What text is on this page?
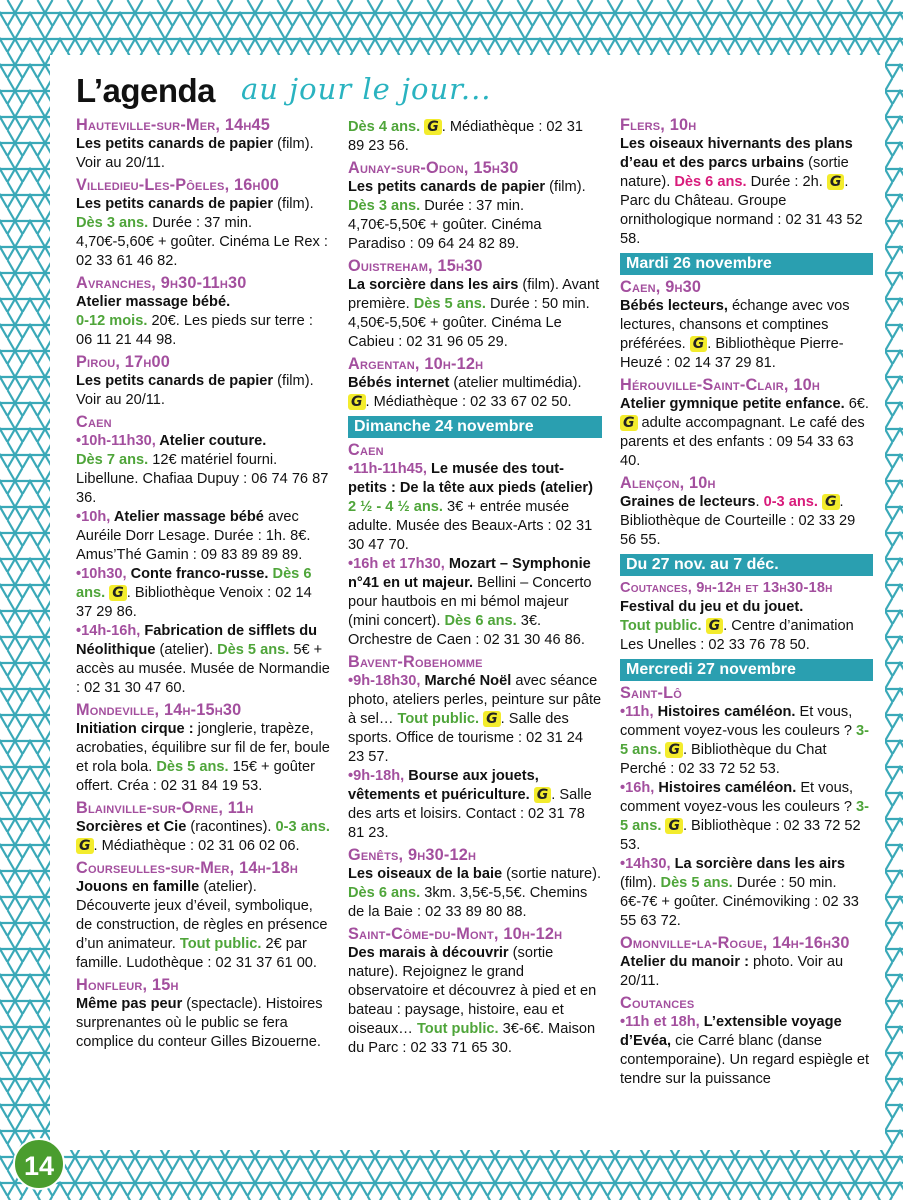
L’agenda au jour le jour...
Hauteville-sur-Mer, 14h45
Les petits canards de papier (film). Voir au 20/11.
Villedieu-Les-Pôeles, 16h00
Les petits canards de papier (film). Dès 3 ans. Durée : 37 min. 4,70€-5,60€ + goûter. Cinéma Le Rex : 02 33 61 46 82.
Avranches, 9h30-11h30
Atelier massage bébé.
0-12 mois. 20€. Les pieds sur terre : 06 11 21 44 98.
Pirou, 17h00
Les petits canards de papier (film). Voir au 20/11.
Caen
•10h-11h30, Atelier couture.
Dès 7 ans. 12€ matériel fourni. Libellune. Chafiaa Dupuy : 06 74 76 87 36.
•10h, Atelier massage bébé avec Auréile Dorr Lesage. Durée : 1h. 8€. Amus’Thé Gamin : 09 83 89 89 89.
•10h30, Conte franco-russe. Dès 6 ans. G . Bibliothèque Venoix : 02 14 37 29 86.
•14h-16h, Fabrication de sifflets du Néolithique (atelier). Dès 5 ans. 5€ + accès au musée. Musée de Normandie : 02 31 30 47 60.
Mondeville, 14h-15h30
Initiation cirque : jonglerie, trapèze, acrobaties, équilibre sur fil de fer, boule et rola bola. Dès 5 ans. 15€ + goûter offert. Créa : 02 31 84 19 53.
Blainville-sur-Orne, 11h
Sorcières et Cie (racontines). 0-3 ans. G . Médiathèque : 02 31 06 02 06.
Courseulles-sur-Mer, 14h-18h
Jouons en famille (atelier). Découverte jeux d’éveil, symbolique, de construction, de règles en présence d’un animateur. Tout public. 2€ par famille. Ludothèque : 02 31 37 61 00.
Honfleur, 15h
Même pas peur (spectacle). Histoires surprenantes où le public se fera complice du conteur Gilles Bizouerne.
Dès 4 ans. G . Médiathèque : 02 31 89 23 56.
Aunay-sur-Odon, 15h30
Les petits canards de papier (film). Dès 3 ans. Durée : 37 min. 4,70€-5,50€ + goûter. Cinéma Paradiso : 09 64 24 82 89.
Ouistreham, 15h30
La sorcière dans les airs (film). Avant première. Dès 5 ans. Durée : 50 min. 4,50€-5,50€ + goûter. Cinéma Le Cabieu : 02 31 96 05 29.
Argentan, 10h-12h
Bébés internet (atelier multimédia). G . Médiathèque : 02 33 67 02 50.
Dimanche 24 novembre
Caen
•11h-11h45, Le musée des tout-petits : De la tête aux pieds (atelier) 2 ½ - 4 ½ ans. 3€ + entrée musée adulte. Musée des Beaux-Arts : 02 31 30 47 70.
•16h et 17h30, Mozart – Symphonie n°41 en ut majeur. Bellini – Concerto pour hautbois en mi bémol majeur (mini concert). Dès 6 ans. 3€. Orchestre de Caen : 02 31 30 46 86.
Bavent-Robehomme
•9h-18h30, Marché Noël avec séance photo, ateliers perles, peinture sur pâte à sel… Tout public. G . Salle des sports. Office de tourisme : 02 31 24 23 57.
•9h-18h, Bourse aux jouets, vêtements et puériculture. G . Salle des arts et loisirs. Contact : 02 31 78 81 23.
Genêts, 9h30-12h
Les oiseaux de la baie (sortie nature). Dès 6 ans. 3km. 3,5€-5,5€. Chemins de la Baie : 02 33 89 80 88.
Saint-Côme-du-Mont, 10h-12h
Des marais à découvrir (sortie nature). Rejoignez le grand observatoire et découvrez à pied et en bateau : paysage, histoire, eau et oiseaux… Tout public. 3€-6€. Maison du Parc : 02 33 71 65 30.
Flers, 10h
Les oiseaux hivernants des plans d’eau et des parcs urbains (sortie nature). Dès 6 ans. Durée : 2h. G . Parc du Château. Groupe ornithologique normand : 02 31 43 52 58.
Mardi 26 novembre
Caen, 9h30
Bébés lecteurs, échange avec vos lectures, chansons et comptines préférées. G . Bibliothèque Pierre-Heuzé : 02 14 37 29 81.
Hérouville-Saint-Clair, 10h
Atelier gymnique petite enfance. 6€. G adulte accompagnant. Le café des parents et des enfants : 09 54 33 63 40.
Alençon, 10h
Graines de lecteurs. 0-3 ans. G . Bibliothèque de Courteille : 02 33 29 56 55.
Du 27 nov. au 7 déc.
Coutances, 9h-12h et 13h30-18h
Festival du jeu et du jouet.
Tout public. G . Centre d’animation Les Unelles : 02 33 76 78 50.
Mercredi 27 novembre
Saint-Lô
•11h, Histoires caméléon. Et vous, comment voyez-vous les couleurs ? 3-5 ans. G . Bibliothèque du Chat Perché : 02 33 72 52 53.
•16h, Histoires caméléon. Et vous, comment voyez-vous les couleurs ? 3-5 ans. G . Bibliothèque : 02 33 72 52 53.
•14h30, La sorcière dans les airs (film). Dès 5 ans. Durée : 50 min. 6€-7€ + goûter. Cinémoviking : 02 33 55 63 72.
Omonville-la-Rogue, 14h-16h30
Atelier du manoir : photo. Voir au 20/11.
Coutances
•11h et 18h, L’extensible voyage d’Evéa, cie Carré blanc (danse contemporaine). Un regard espiègle et tendre sur la puissance
14
